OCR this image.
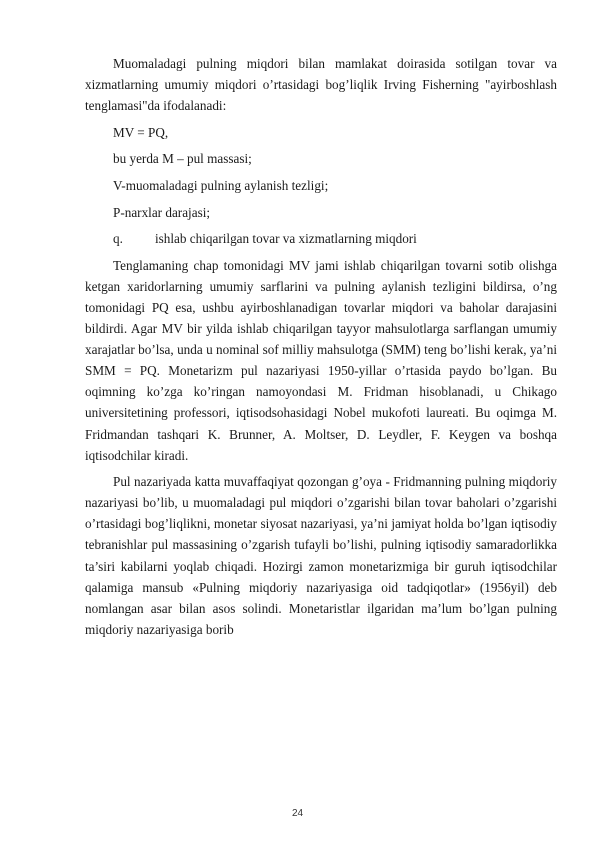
Muomaladagi pulning miqdori bilan mamlakat doirasida sotilgan tovar va xizmatlarning umumiy miqdori o’rtasidagi bog’liqlik Irving Fisherning "ayirboshlash tenglamasi"da ifodalanadi:

MV = PQ,
bu yerda M – pul massasi;
V-muomaladagi pulning aylanish tezligi;
P-narxlar darajasi;
q. ishlab chiqarilgan tovar va xizmatlarning miqdori

Tenglamaning chap tomonidagi MV jami ishlab chiqarilgan tovarni sotib olishga ketgan xaridorlarning umumiy sarflarini va pulning aylanish tezligini bildirsa, o’ng tomonidagi PQ esa, ushbu ayirboshlanadigan tovarlar miqdori va baholar darajasini bildirdi. Agar MV bir yilda ishlab chiqarilgan tayyor mahsulotlarga sarflangan umumiy xarajatlar bo’lsa, unda u nominal sof milliy mahsulotga (SMM) teng bo’lishi kerak, ya’ni SMM = PQ. Monetarizm pul nazariyasi 1950-yillar o’rtasida paydo bo’lgan. Bu oqimning ko’zga ko’ringan namoyondasi M. Fridman hisoblanadi, u Chikago universitetining professori, iqtisodsohasidagi Nobel mukofoti laureati. Bu oqimga M. Fridmandan tashqari K. Brunner, A. Moltser, D. Leydler, F. Keygen va boshqa iqtisodchilar kiradi.

Pul nazariyada katta muvaffaqiyat qozongan g’oya - Fridmanning pulning miqdoriy nazariyasi bo’lib, u muomaladagi pul miqdori o’zgarishi bilan tovar baholari o’zgarishi o’rtasidagi bog’liqlikni, monetar siyosat nazariyasi, ya’ni jamiyat holda bo’lgan iqtisodiy tebranishlar pul massasining o’zgarish tufayli bo’lishi, pulning iqtisodiy samaradorlikka ta’siri kabilarni yoqlab chiqadi. Hozirgi zamon monetarizmiga bir guruh iqtisodchilar qalamiga mansub «Pulning miqdoriy nazariyasiga oid tadqiqotlar» (1956yil) deb nomlangan asar bilan asos solindi. Monetaristlar ilgaridan ma’lum bo’lgan pulning miqdoriy nazariyasiga borib

24
